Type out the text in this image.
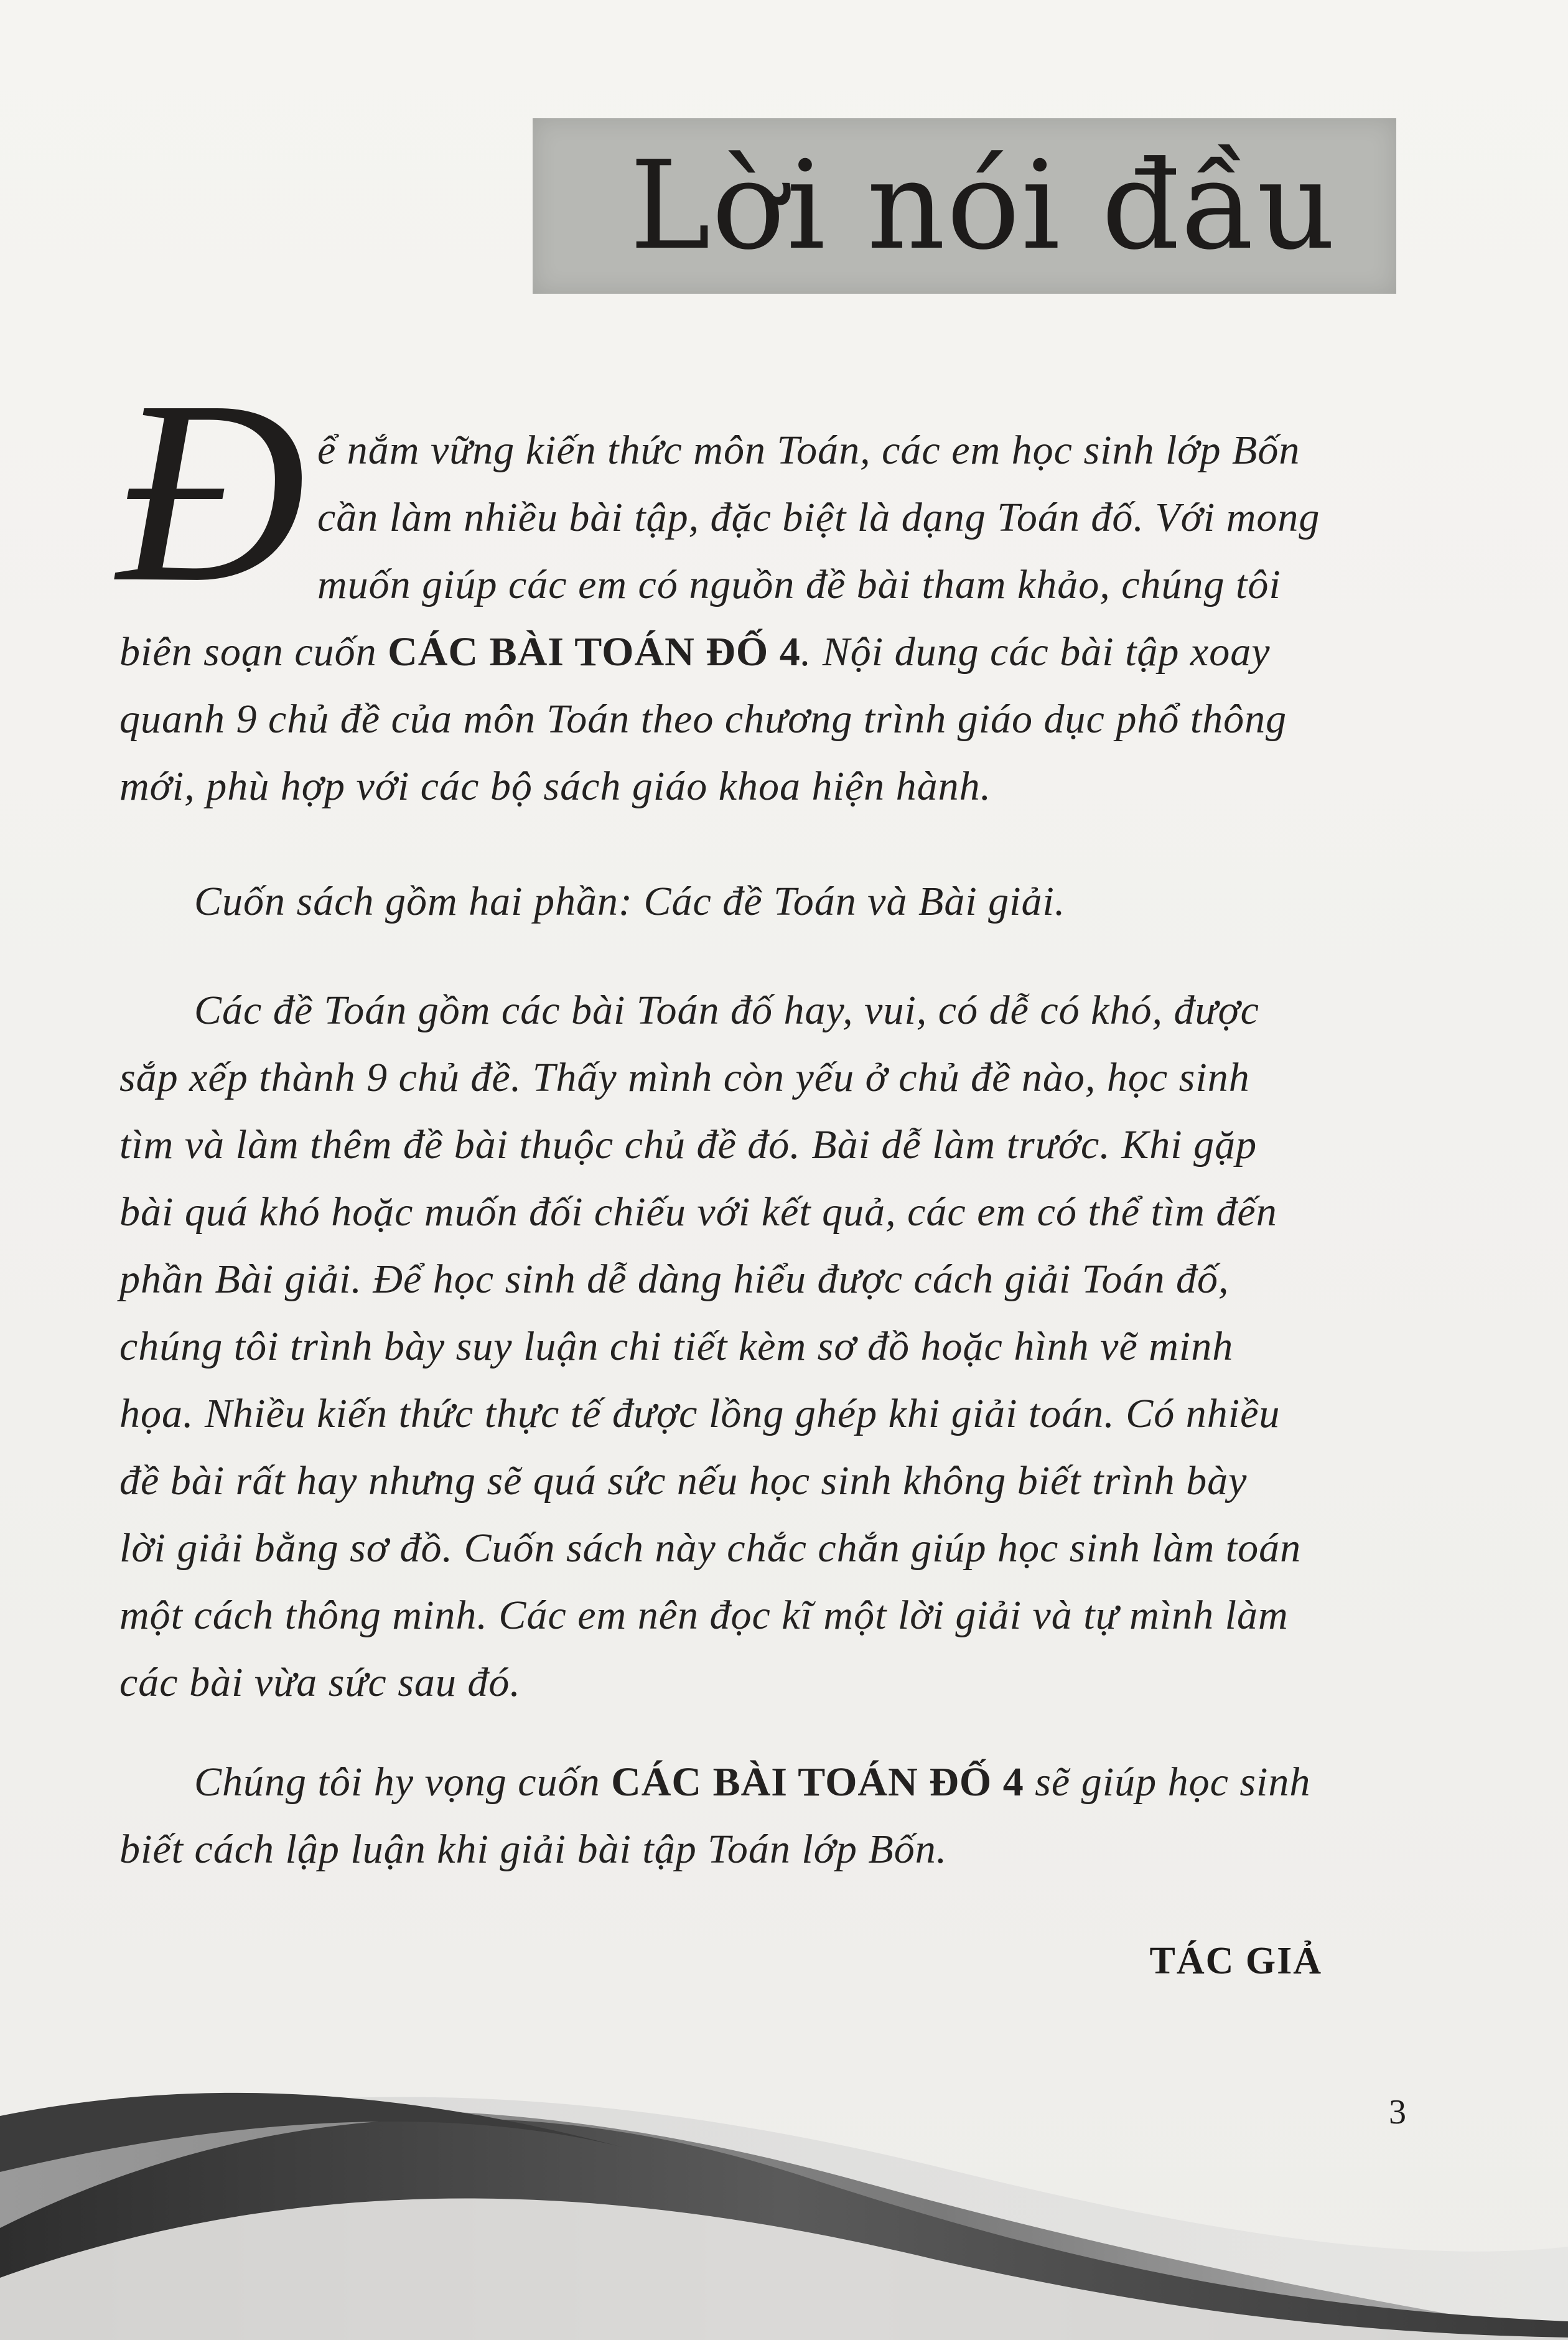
Lời nói đầu
Đ ể nắm vững kiến thức môn Toán, các em học sinh lớp Bốn
cần làm nhiều bài tập, đặc biệt là dạng Toán đố. Với mong
muốn giúp các em có nguồn đề bài tham khảo, chúng tôi
biên soạn cuốn CÁC BÀI TOÁN ĐỐ 4. Nội dung các bài tập xoay
quanh 9 chủ đề của môn Toán theo chương trình giáo dục phổ thông
mới, phù hợp với các bộ sách giáo khoa hiện hành.
Cuốn sách gồm hai phần: Các đề Toán và Bài giải.
Các đề Toán gồm các bài Toán đố hay, vui, có dễ có khó, được
sắp xếp thành 9 chủ đề. Thấy mình còn yếu ở chủ đề nào, học sinh
tìm và làm thêm đề bài thuộc chủ đề đó. Bài dễ làm trước. Khi gặp
bài quá khó hoặc muốn đối chiếu với kết quả, các em có thể tìm đến
phần Bài giải. Để học sinh dễ dàng hiểu được cách giải Toán đố,
chúng tôi trình bày suy luận chi tiết kèm sơ đồ hoặc hình vẽ minh
họa. Nhiều kiến thức thực tế được lồng ghép khi giải toán. Có nhiều
đề bài rất hay nhưng sẽ quá sức nếu học sinh không biết trình bày
lời giải bằng sơ đồ. Cuốn sách này chắc chắn giúp học sinh làm toán
một cách thông minh. Các em nên đọc kĩ một lời giải và tự mình làm
các bài vừa sức sau đó.
Chúng tôi hy vọng cuốn CÁC BÀI TOÁN ĐỐ 4 sẽ giúp học sinh
biết cách lập luận khi giải bài tập Toán lớp Bốn.
TÁC GIẢ
3
